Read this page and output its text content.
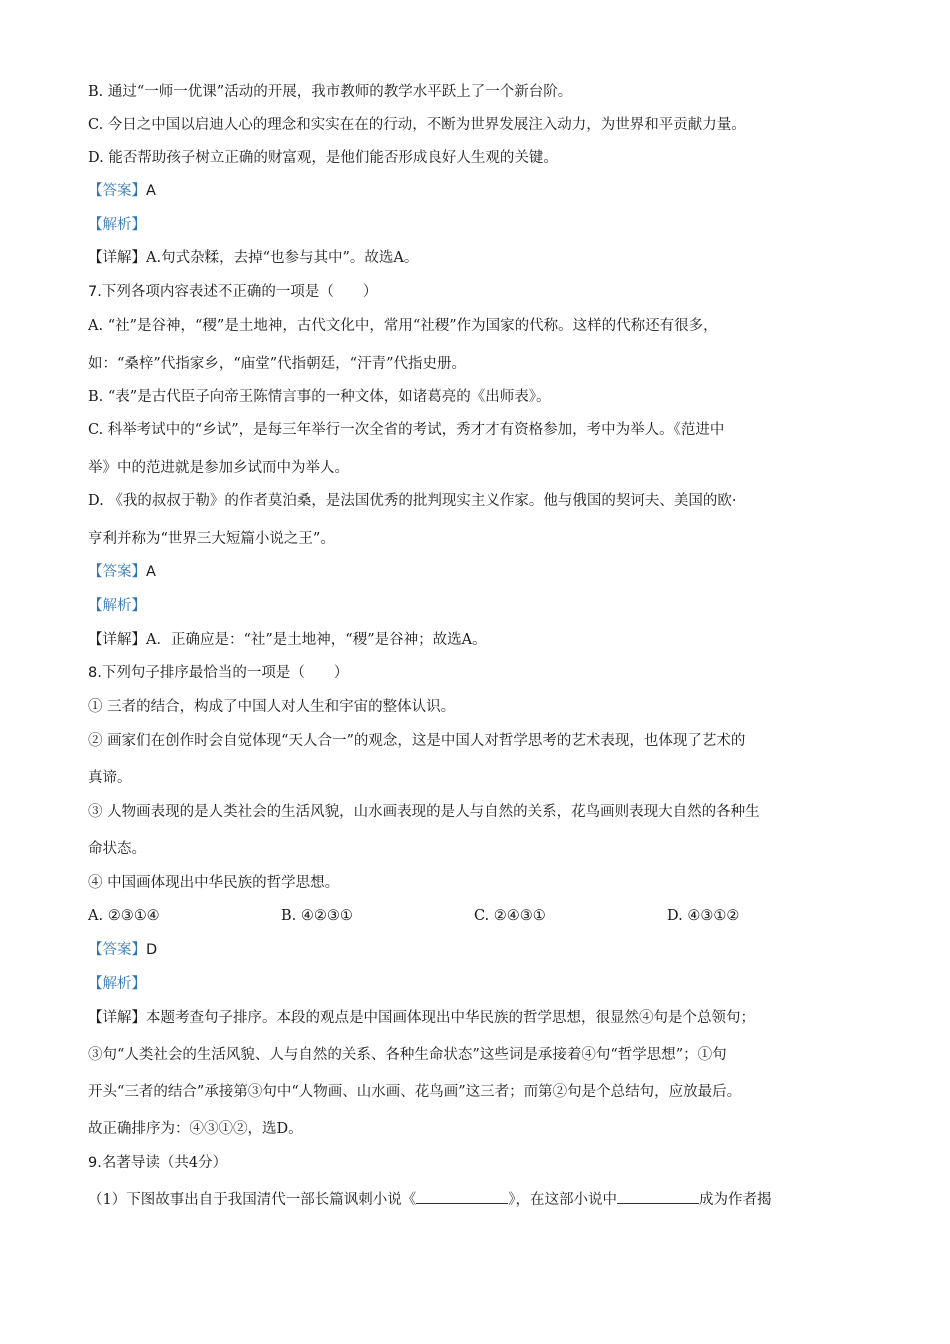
B. 通过“一师一优课”活动的开展，我市教师的教学水平跃上了一个新台阶。
C. 今日之中国以启迪人心的理念和实实在在的行动，不断为世界发展注入动力，为世界和平贡献力量。
D. 能否帮助孩子树立正确的财富观，是他们能否形成良好人生观的关键。
【答案】A
【解析】
【详解】A.句式杂糅，去掉“也参与其中”。故选A。
7.下列各项内容表述不正确的一项是（　　）
A. “社”是谷神，“稷”是土地神，古代文化中，常用“社稷”作为国家的代称。这样的代称还有很多，
如：“桑梓”代指家乡，“庙堂”代指朝廷，“汗青”代指史册。
B. “表”是古代臣子向帝王陈情言事的一种文体，如诸葛亮的《出师表》。
C. 科举考试中的“乡试”，是每三年举行一次全省的考试，秀才才有资格参加，考中为举人。《范进中
举》中的范进就是参加乡试而中为举人。
D. 《我的叔叔于勒》的作者莫泊桑，是法国优秀的批判现实主义作家。他与俄国的契诃夫、美国的欧·
亨利并称为“世界三大短篇小说之王”。
【答案】A
【解析】
【详解】A．正确应是：“社”是土地神，“稷”是谷神；故选A。
8.下列句子排序最恰当的一项是（　　）
① 三者的结合，构成了中国人对人生和宇宙的整体认识。
② 画家们在创作时会自觉体现“天人合一”的观念，这是中国人对哲学思考的艺术表现，也体现了艺术的
真谛。
③ 人物画表现的是人类社会的生活风貌，山水画表现的是人与自然的关系，花鸟画则表现大自然的各种生
命状态。
④ 中国画体现出中华民族的哲学思想。
A. ②③①④	B. ④②③①	C. ②④③①	D. ④③①②
【答案】D
【解析】
【详解】本题考查句子排序。本段的观点是中国画体现出中华民族的哲学思想，很显然④句是个总领句；
③句“人类社会的生活风貌、人与自然的关系、各种生命状态”这些词是承接着④句“哲学思想”；①句
开头“三者的结合”承接第③句中“人物画、山水画、花鸟画”这三者；而第②句是个总结句，应放最后。
故正确排序为：④③①②，选D。
9.名著导读（共4分）
（1）下图故事出自于我国清代一部长篇讽刺小说《	》，在这部小说中	成为作者揭
